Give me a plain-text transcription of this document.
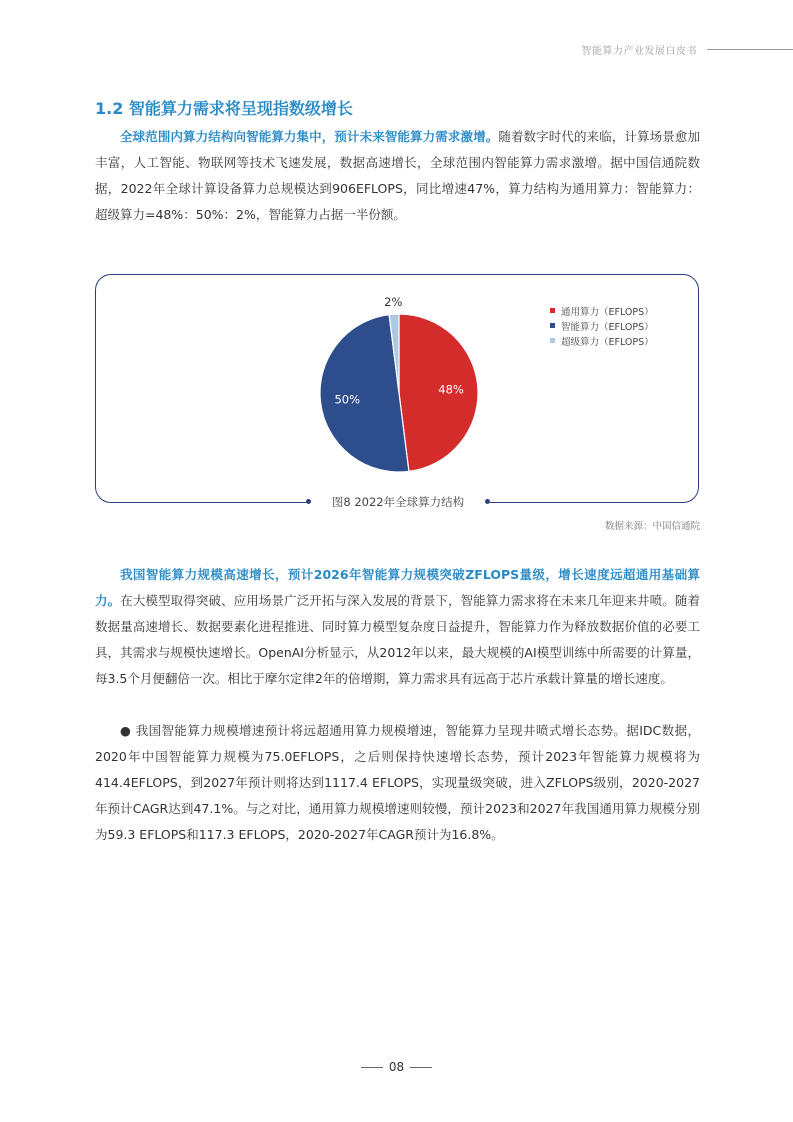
智能算力产业发展白皮书
1.2 智能算力需求将呈现指数级增长

全球范围内算力结构向智能算力集中，预计未来智能算力需求激增。随着数字时代的来临，计算场景愈加丰富，人工智能、物联网等技术飞速发展，数据高速增长，全球范围内智能算力需求激增。据中国信通院数据，2022年全球计算设备算力总规模达到906EFLOPS，同比增速47%，算力结构为通用算力：智能算力：超级算力=48%：50%：2%，智能算力占据一半份额。

48%
50%
2%
通用算力（EFLOPS）
智能算力（EFLOPS）
超级算力（EFLOPS）
图8 2022年全球算力结构
数据来源：中国信通院

我国智能算力规模高速增长，预计2026年智能算力规模突破ZFLOPS量级，增长速度远超通用基础算力。在大模型取得突破、应用场景广泛开拓与深入发展的背景下，智能算力需求将在未来几年迎来井喷。随着数据量高速增长、数据要素化进程推进、同时算力模型复杂度日益提升，智能算力作为释放数据价值的必要工具，其需求与规模快速增长。OpenAI分析显示，从2012年以来，最大规模的AI模型训练中所需要的计算量，每3.5个月便翻倍一次。相比于摩尔定律2年的倍增期，算力需求具有远高于芯片承载计算量的增长速度。

● 我国智能算力规模增速预计将远超通用算力规模增速，智能算力呈现井喷式增长态势。据IDC数据，2020年中国智能算力规模为75.0EFLOPS，之后则保持快速增长态势，预计2023年智能算力规模将为414.4EFLOPS，到2027年预计则将达到1117.4 EFLOPS，实现量级突破，进入ZFLOPS级别，2020-2027年预计CAGR达到47.1%。与之对比，通用算力规模增速则较慢，预计2023和2027年我国通用算力规模分别为59.3 EFLOPS和117.3 EFLOPS，2020-2027年CAGR预计为16.8%。

08
